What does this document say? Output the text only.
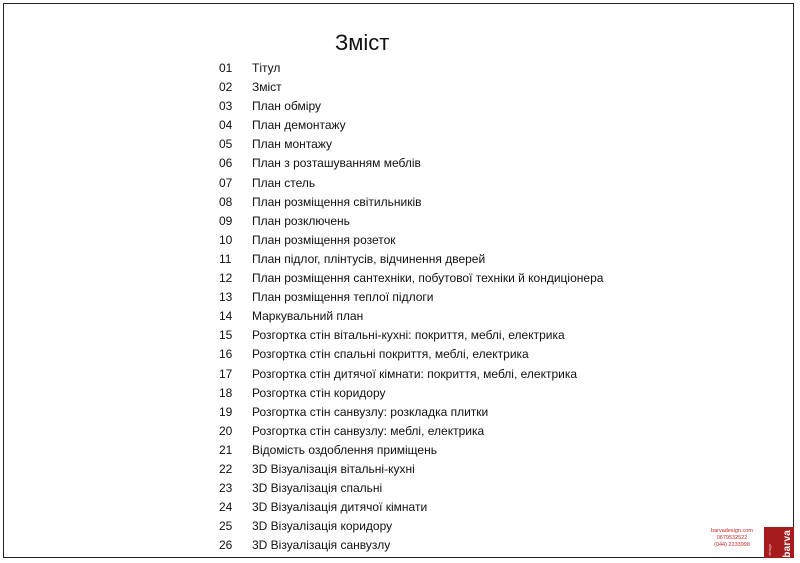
Зміст
01	Тітул
02	Зміст
03	План обміру
04	План демонтажу
05	План монтажу
06	План з розташуванням меблів
07	План стель
08	План розміщення світильників
09	План розключень
10	План розміщення розеток
11	План підлог, плінтусів, відчинення дверей
12	План розміщення сантехніки, побутової техніки й кондиціонера
13	План розміщення теплої підлоги
14	Маркувальний план
15	Розгортка стін вітальні-кухні: покриття, меблі, електрика
16	Розгортка стін спальні покриття, меблі, електрика
17	Розгортка стін дитячої кімнати: покриття, меблі, електрика
18	Розгортка стін коридору
19	Розгортка стін санвузлу: розкладка плитки
20	Розгортка стін санвузлу: меблі, електрика
21	Відомість оздоблення приміщень
22	3D Візуалізація вітальні-кухні
23	3D Візуалізація спальні
24	3D Візуалізація дитячої кімнати
25	3D Візуалізація коридору
26	3D Візуалізація санвузлу
barvadesign.com
0679532522
(044) 2233998	design barva
